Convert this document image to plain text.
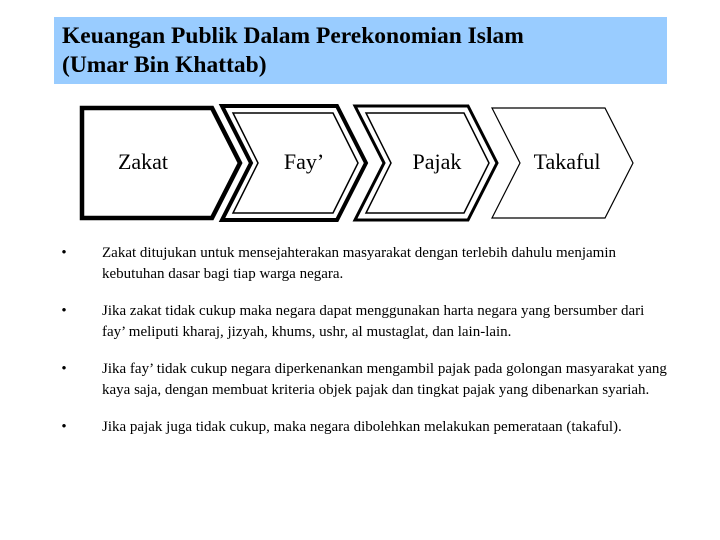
Keuangan Publik Dalam Perekonomian Islam
(Umar Bin Khattab)
Zakat	Fay’	Pajak	Takaful
• Zakat ditujukan untuk mensejahterakan masyarakat dengan terlebih dahulu menjamin kebutuhan dasar bagi tiap warga negara.
• Jika zakat tidak cukup maka negara dapat menggunakan harta negara yang bersumber dari fay’ meliputi kharaj, jizyah, khums, ushr, al mustaglat, dan lain-lain.
• Jika fay’ tidak cukup negara diperkenankan mengambil pajak pada golongan masyarakat yang kaya saja, dengan membuat kriteria objek pajak dan tingkat pajak yang dibenarkan syariah.
• Jika pajak juga tidak cukup, maka negara dibolehkan melakukan pemerataan (takaful).
